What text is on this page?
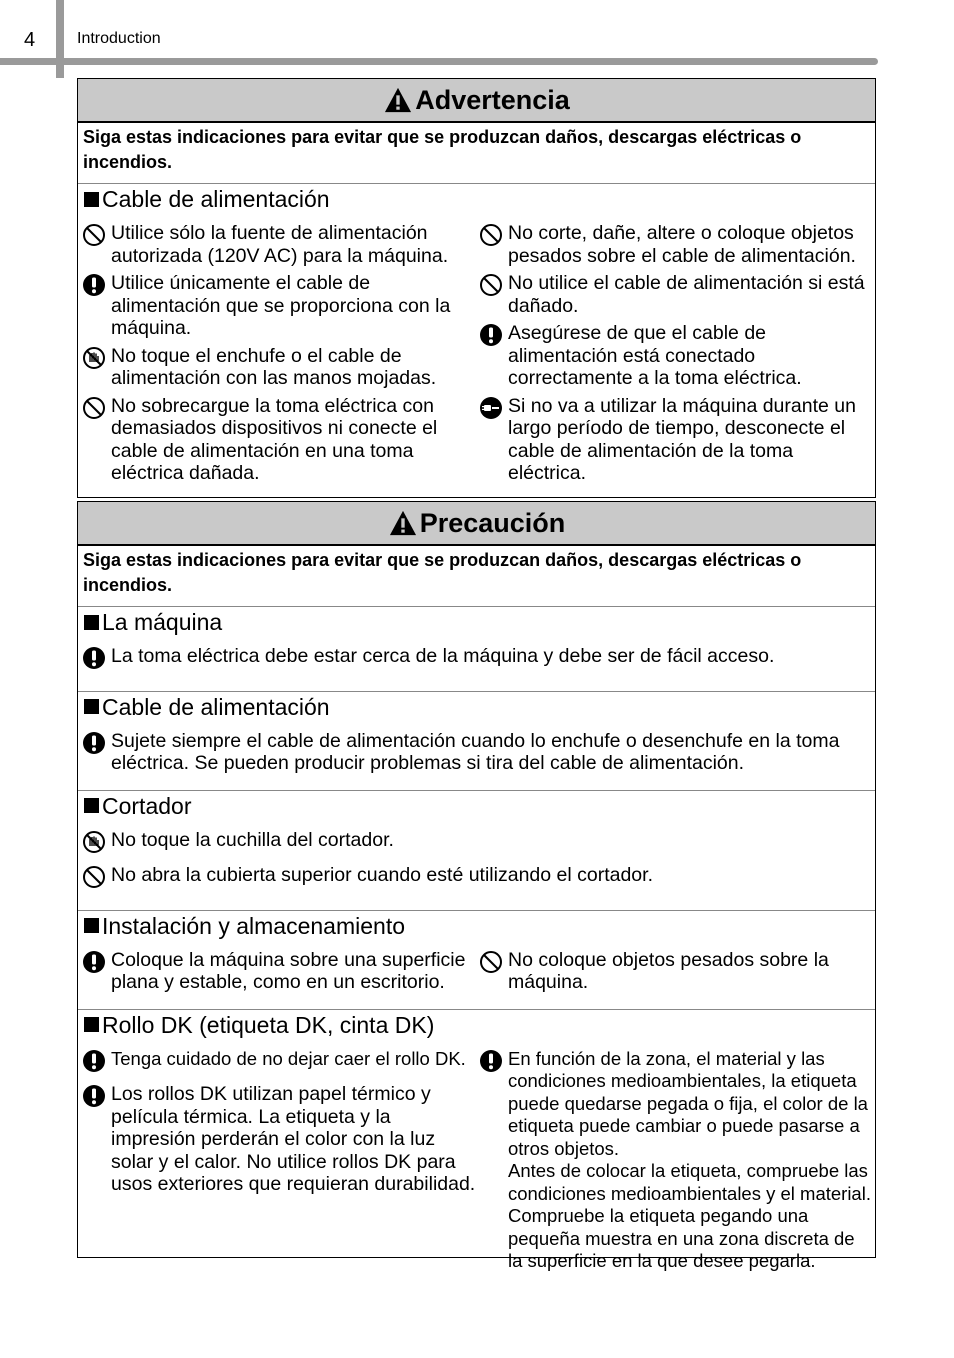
4	Introduction
Advertencia
Siga estas indicaciones para evitar que se produzcan daños, descargas eléctricas o incendios.
Cable de alimentación
Utilice sólo la fuente de alimentación autorizada (120V AC) para la máquina.
Utilice únicamente el cable de alimentación que se proporciona con la máquina.
No toque el enchufe o el cable de alimentación con las manos mojadas.
No sobrecargue la toma eléctrica con demasiados dispositivos ni conecte el cable de alimentación en una toma eléctrica dañada.
No corte, dañe, altere o coloque objetos pesados sobre el cable de alimentación.
No utilice el cable de alimentación si está dañado.
Asegúrese de que el cable de alimentación está conectado correctamente a la toma eléctrica.
Si no va a utilizar la máquina durante un largo período de tiempo, desconecte el cable de alimentación de la toma eléctrica.
Precaución
Siga estas indicaciones para evitar que se produzcan daños, descargas eléctricas o incendios.
La máquina
La toma eléctrica debe estar cerca de la máquina y debe ser de fácil acceso.
Cable de alimentación
Sujete siempre el cable de alimentación cuando lo enchufe o desenchufe en la toma eléctrica. Se pueden producir problemas si tira del cable de alimentación.
Cortador
No toque la cuchilla del cortador.
No abra la cubierta superior cuando esté utilizando el cortador.
Instalación y almacenamiento
Coloque la máquina sobre una superficie plana y estable, como en un escritorio.
No coloque objetos pesados sobre la máquina.
Rollo DK (etiqueta DK, cinta DK)
Tenga cuidado de no dejar caer el rollo DK.
Los rollos DK utilizan papel térmico y película térmica. La etiqueta y la impresión perderán el color con la luz solar y el calor. No utilice rollos DK para usos exteriores que requieran durabilidad.
En función de la zona, el material y las condiciones medioambientales, la etiqueta puede quedarse pegada o fija, el color de la etiqueta puede cambiar o puede pasarse a otros objetos.
Antes de colocar la etiqueta, compruebe las condiciones medioambientales y el material. Compruebe la etiqueta pegando una pequeña muestra en una zona discreta de la superficie en la que desee pegarla.
